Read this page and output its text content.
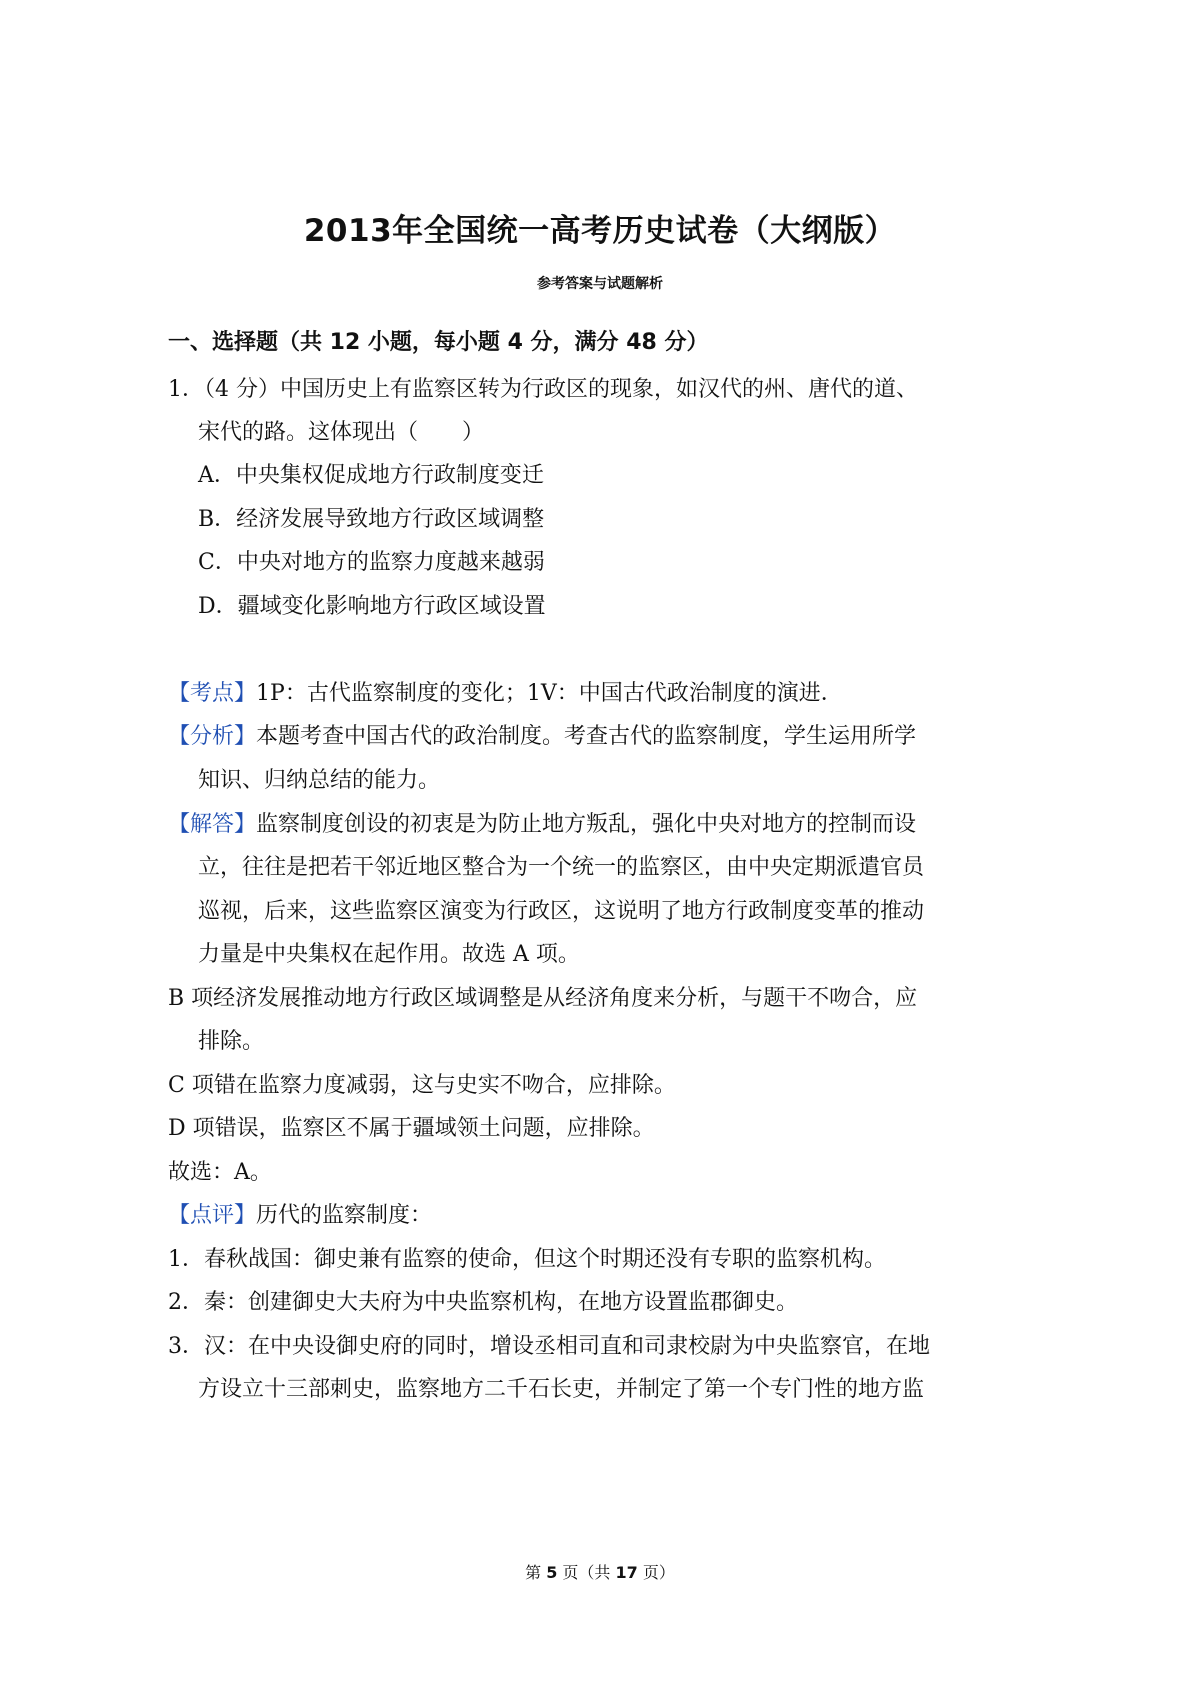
2013年全国统一高考历史试卷（大纲版）
参考答案与试题解析
一、选择题（共 12 小题，每小题 4 分，满分 48 分）
1．（4 分）中国历史上有监察区转为行政区的现象，如汉代的州、唐代的道、
宋代的路。这体现出（　　）
A．中央集权促成地方行政制度变迁
B．经济发展导致地方行政区域调整
C．中央对地方的监察力度越来越弱
D．疆域变化影响地方行政区域设置
【考点】1P：古代监察制度的变化；1V：中国古代政治制度的演进．
【分析】本题考查中国古代的政治制度。考查古代的监察制度，学生运用所学
知识、归纳总结的能力。
【解答】监察制度创设的初衷是为防止地方叛乱，强化中央对地方的控制而设
立，往往是把若干邻近地区整合为一个统一的监察区，由中央定期派遣官员
巡视，后来，这些监察区演变为行政区，这说明了地方行政制度变革的推动
力量是中央集权在起作用。故选 A 项。
B 项经济发展推动地方行政区域调整是从经济角度来分析，与题干不吻合，应
排除。
C 项错在监察力度减弱，这与史实不吻合，应排除。
D 项错误，监察区不属于疆域领土问题，应排除。
故选：A。
【点评】历代的监察制度：
1．春秋战国：御史兼有监察的使命，但这个时期还没有专职的监察机构。
2．秦：创建御史大夫府为中央监察机构，在地方设置监郡御史。
3．汉：在中央设御史府的同时，增设丞相司直和司隶校尉为中央监察官，在地
方设立十三部刺史，监察地方二千石长吏，并制定了第一个专门性的地方监
第 5 页（共 17 页）
